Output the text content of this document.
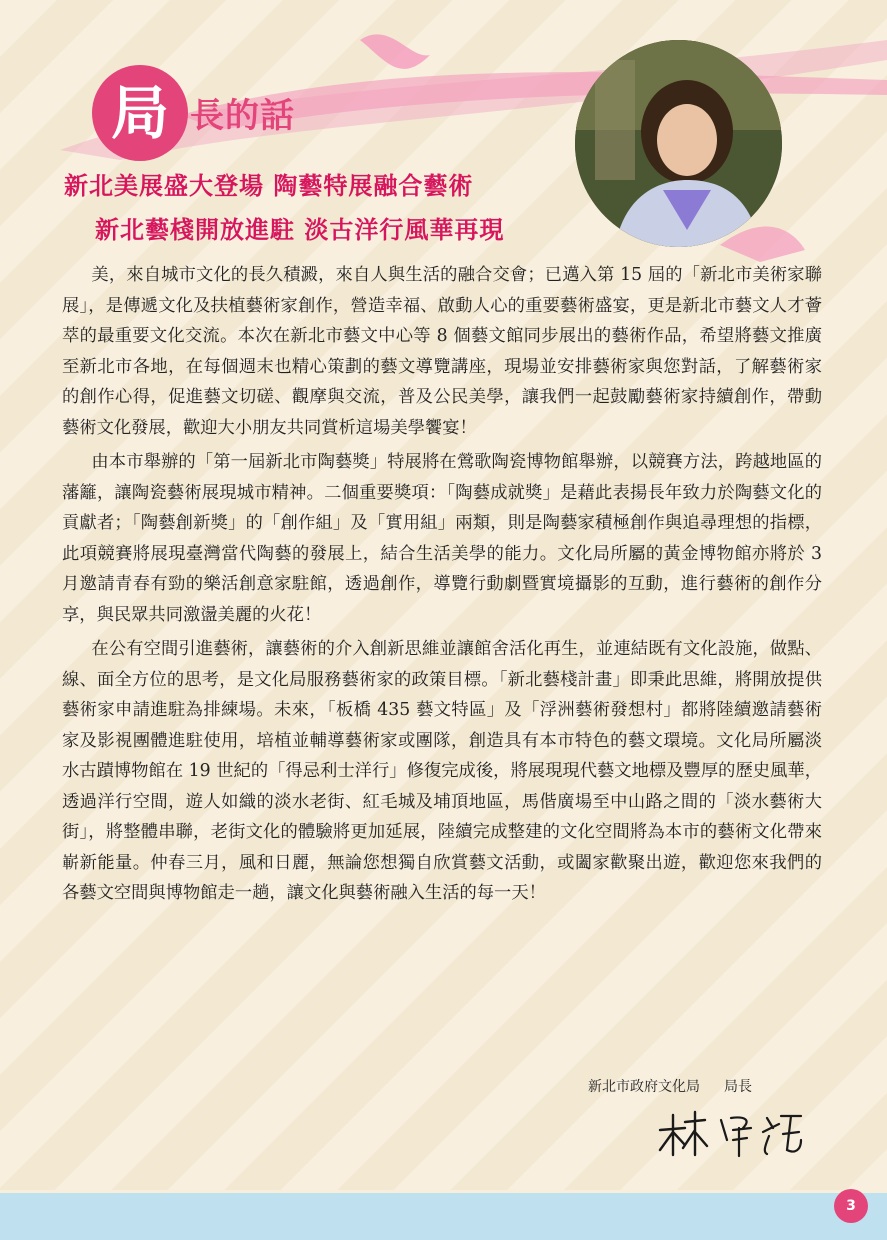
局 長的話
新北美展盛大登場 陶藝特展融合藝術
新北藝棧開放進駐 淡古洋行風華再現

美，來自城市文化的長久積澱，來自人與生活的融合交會；已邁入第 15 屆的「新北市美術家聯展」，是傳遞文化及扶植藝術家創作，營造幸福、啟動人心的重要藝術盛宴，更是新北市藝文人才薈萃的最重要文化交流。本次在新北市藝文中心等 8 個藝文館同步展出的藝術作品，希望將藝文推廣至新北市各地，在每個週末也精心策劃的藝文導覽講座，現場並安排藝術家與您對話，了解藝術家的創作心得，促進藝文切磋、觀摩與交流，普及公民美學，讓我們一起鼓勵藝術家持續創作，帶動藝術文化發展，歡迎大小朋友共同賞析這場美學饗宴！

由本市舉辦的「第一屆新北市陶藝獎」特展將在鶯歌陶瓷博物館舉辦，以競賽方法，跨越地區的藩籬，讓陶瓷藝術展現城市精神。二個重要獎項：「陶藝成就獎」是藉此表揚長年致力於陶藝文化的貢獻者；「陶藝創新獎」的「創作組」及「實用組」兩類，則是陶藝家積極創作與追尋理想的指標，此項競賽將展現臺灣當代陶藝的發展上，結合生活美學的能力。文化局所屬的黃金博物館亦將於 3 月邀請青春有勁的樂活創意家駐館，透過創作，導覽行動劇暨實境攝影的互動，進行藝術的創作分享，與民眾共同激盪美麗的火花！

在公有空間引進藝術，讓藝術的介入創新思維並讓館舍活化再生，並連結既有文化設施，做點、線、面全方位的思考，是文化局服務藝術家的政策目標。「新北藝棧計畫」即秉此思維，將開放提供藝術家申請進駐為排練場。未來，「板橋 435 藝文特區」及「浮洲藝術發想村」都將陸續邀請藝術家及影視團體進駐使用，培植並輔導藝術家或團隊，創造具有本市特色的藝文環境。文化局所屬淡水古蹟博物館在 19 世紀的「得忌利士洋行」修復完成後，將展現現代藝文地標及豐厚的歷史風華，透過洋行空間，遊人如織的淡水老街、紅毛城及埔頂地區，馬偕廣場至中山路之間的「淡水藝術大街」，將整體串聯，老街文化的體驗將更加延展，陸續完成整建的文化空間將為本市的藝術文化帶來嶄新能量。仲春三月，風和日麗，無論您想獨自欣賞藝文活動，或闔家歡聚出遊，歡迎您來我們的各藝文空間與博物館走一趟，讓文化與藝術融入生活的每一天！

新北市政府文化局 局長
3
